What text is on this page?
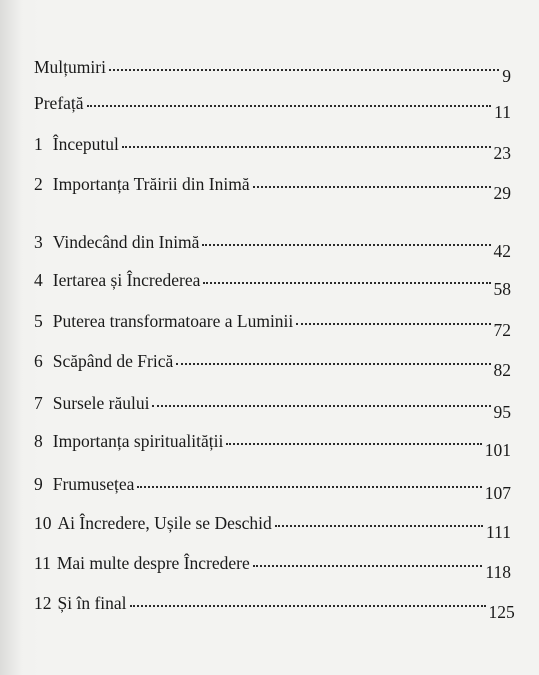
Mulțumiri	9
Prefață	11
1 Începutul	23
2 Importanța Trăirii din Inimă	29
3 Vindecând din Inimă	42
4 Iertarea și Încrederea	58
5 Puterea transformatoare a Luminii	72
6 Scăpând de Frică	82
7 Sursele răului	95
8 Importanța spiritualității	101
9 Frumusețea	107
10 Ai Încredere, Ușile se Deschid	111
11 Mai multe despre Încredere	118
12 Și în final	125
